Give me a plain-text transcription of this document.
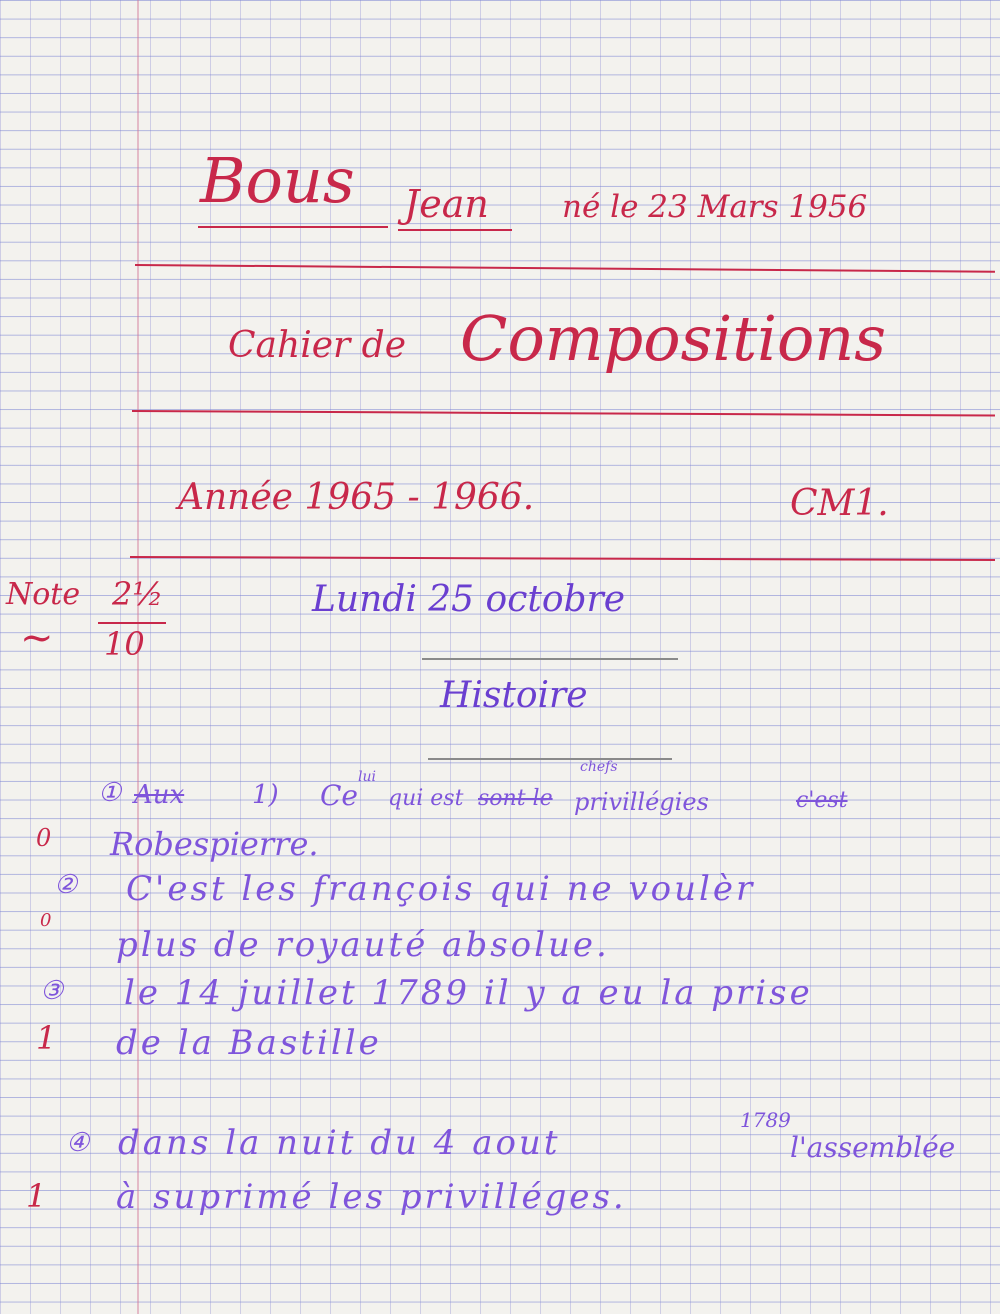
Bous Jean né le 23 Mars 1956
Cahier de Compositions
Année 1965 - 1966.	CM1.
Note
~
2½
10
Lundi 25 octobre
Histoire
① Aux	1) Ce
lui
qui est sont le
chefs
privillégies	c'est
0 Robespierre.
② C'est les françois qui ne voulèr
0
plus de royauté absolue.
③ le 14 juillet 1789 il y a eu la prise
1 de la Bastille
④ dans la nuit du 4 aout
1789
l'assemblée
1 à suprimé les privilléges.
